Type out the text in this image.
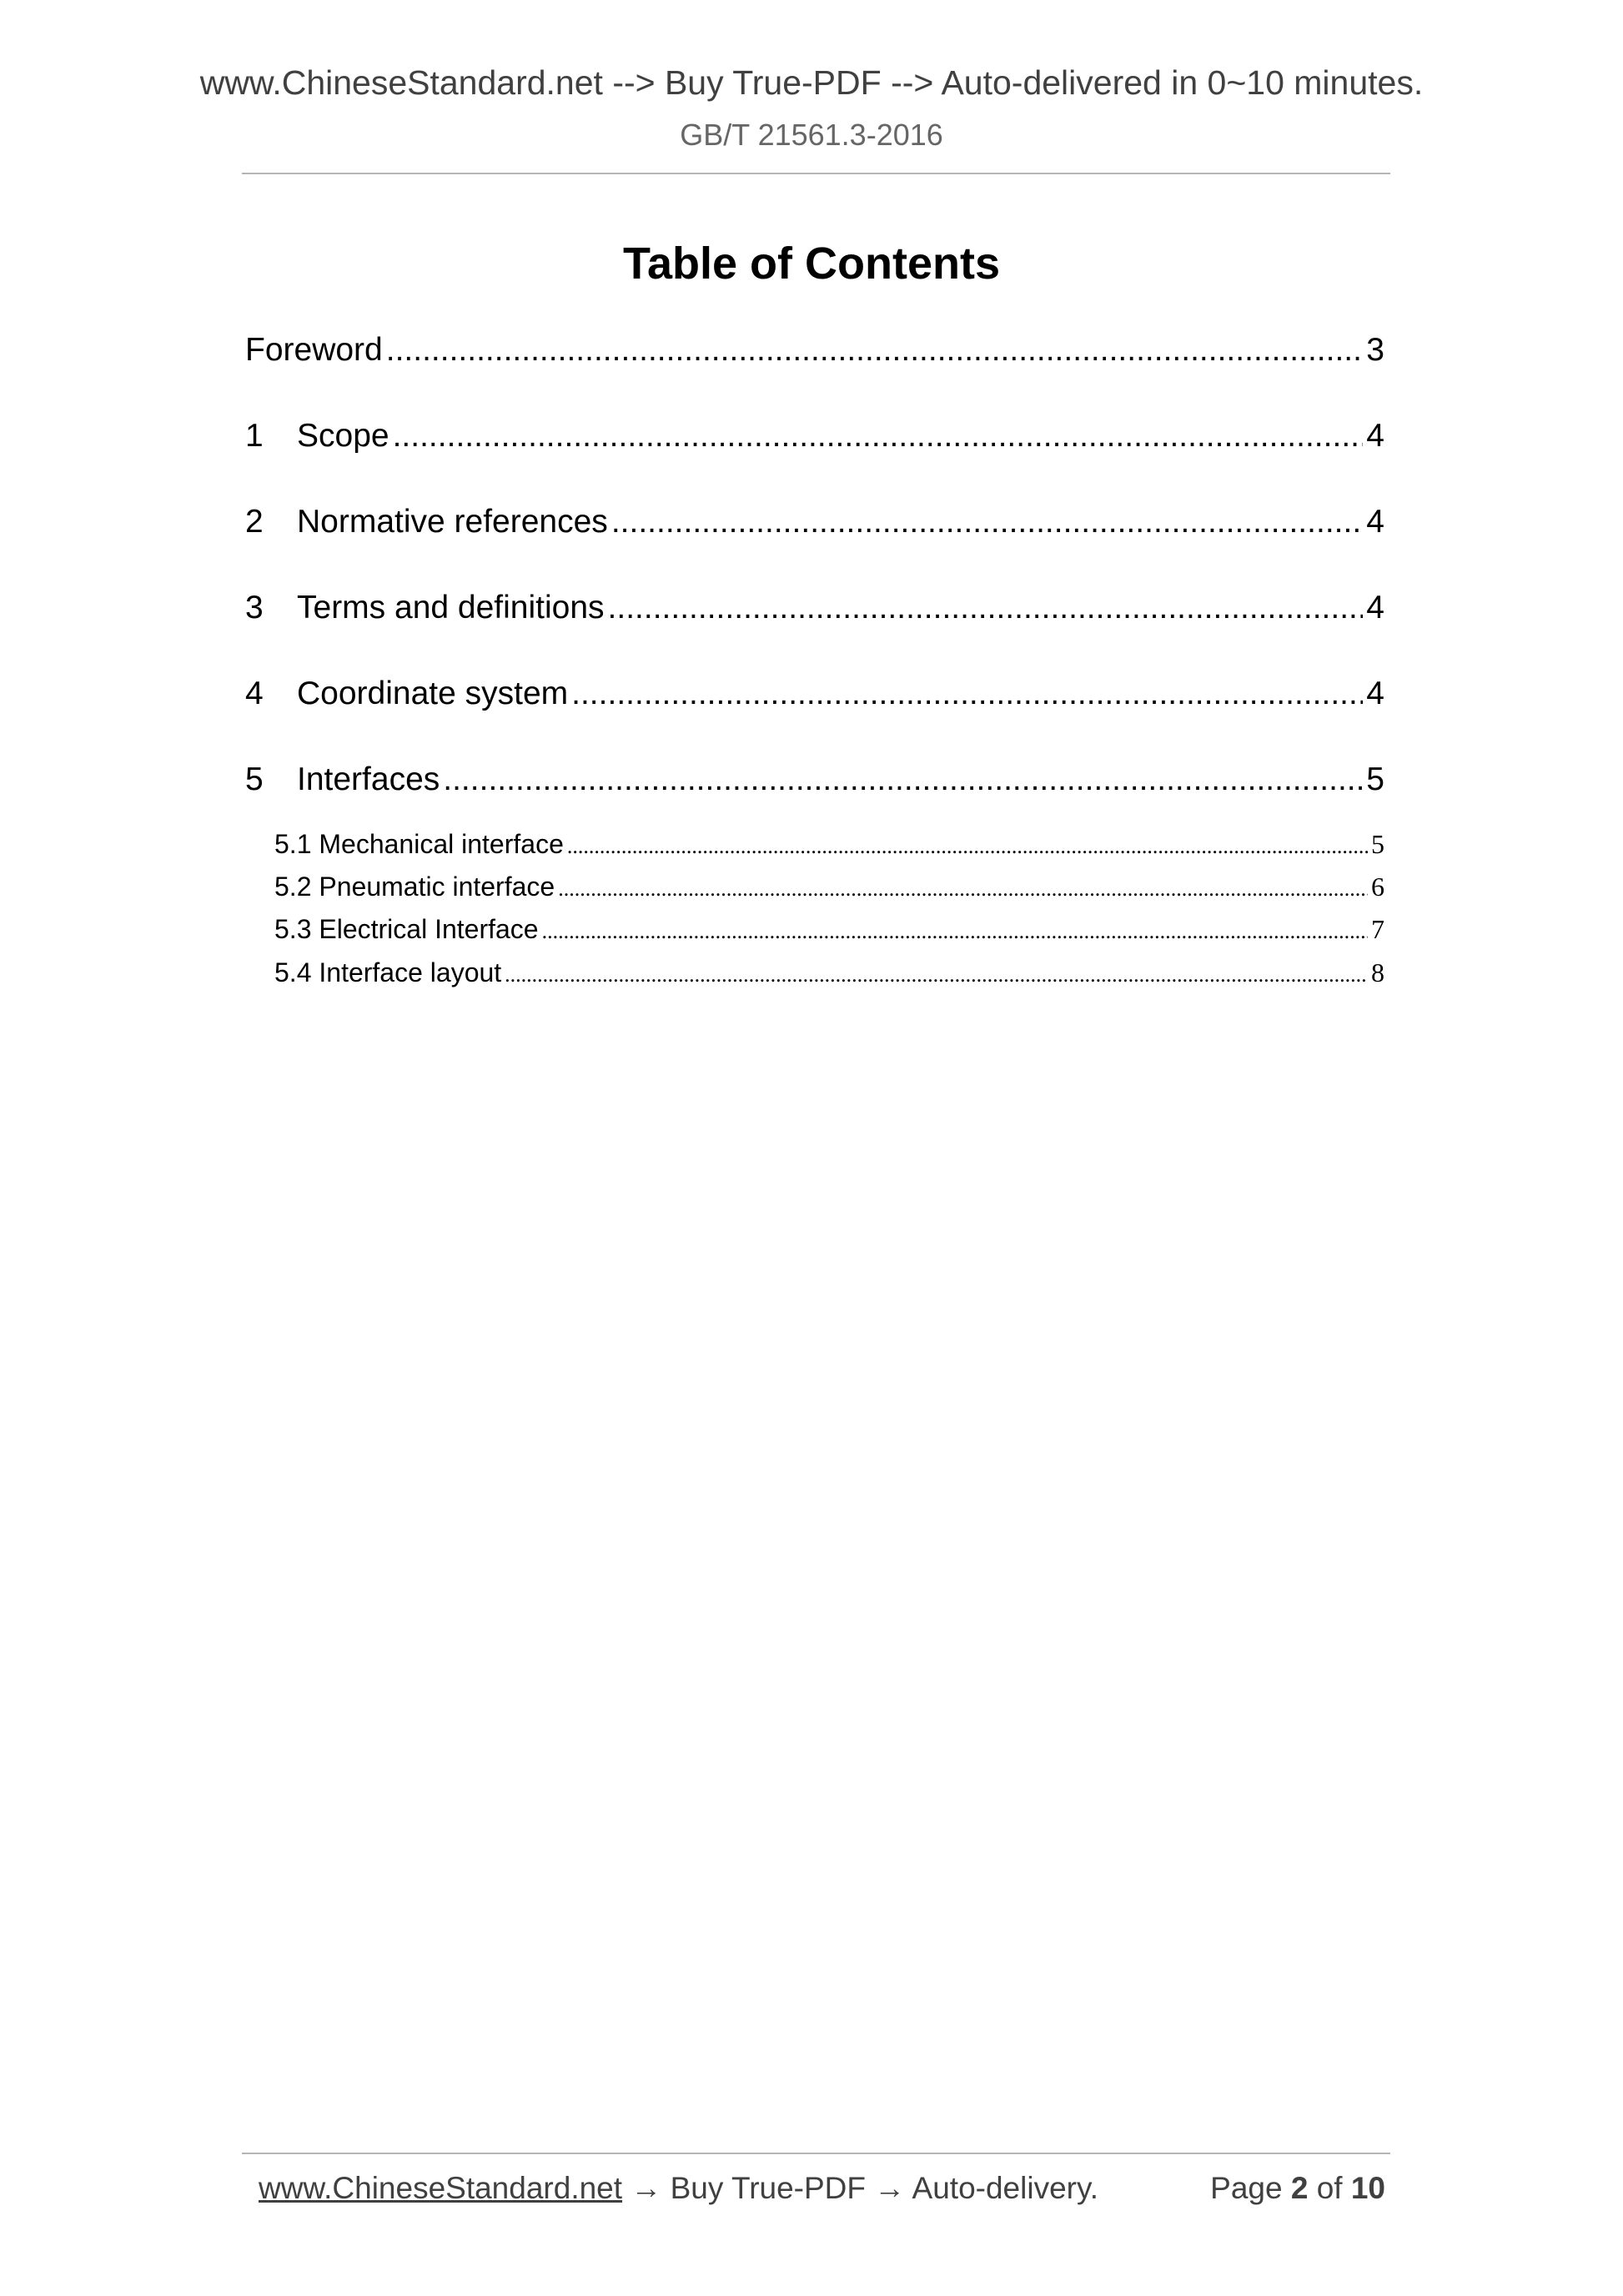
www.ChineseStandard.net --> Buy True-PDF --> Auto-delivered in 0~10 minutes.
GB/T 21561.3-2016
Table of Contents
Foreword .....	3
1	Scope .....	4
2	Normative references .....	4
3	Terms and definitions .....	4
4	Coordinate system .....	4
5	Interfaces .....	5
5.1 Mechanical interface .....	5
5.2 Pneumatic interface .....	6
5.3 Electrical Interface .....	7
5.4 Interface layout .....	8
www.ChineseStandard.net → Buy True-PDF → Auto-delivery.	Page 2 of 10
